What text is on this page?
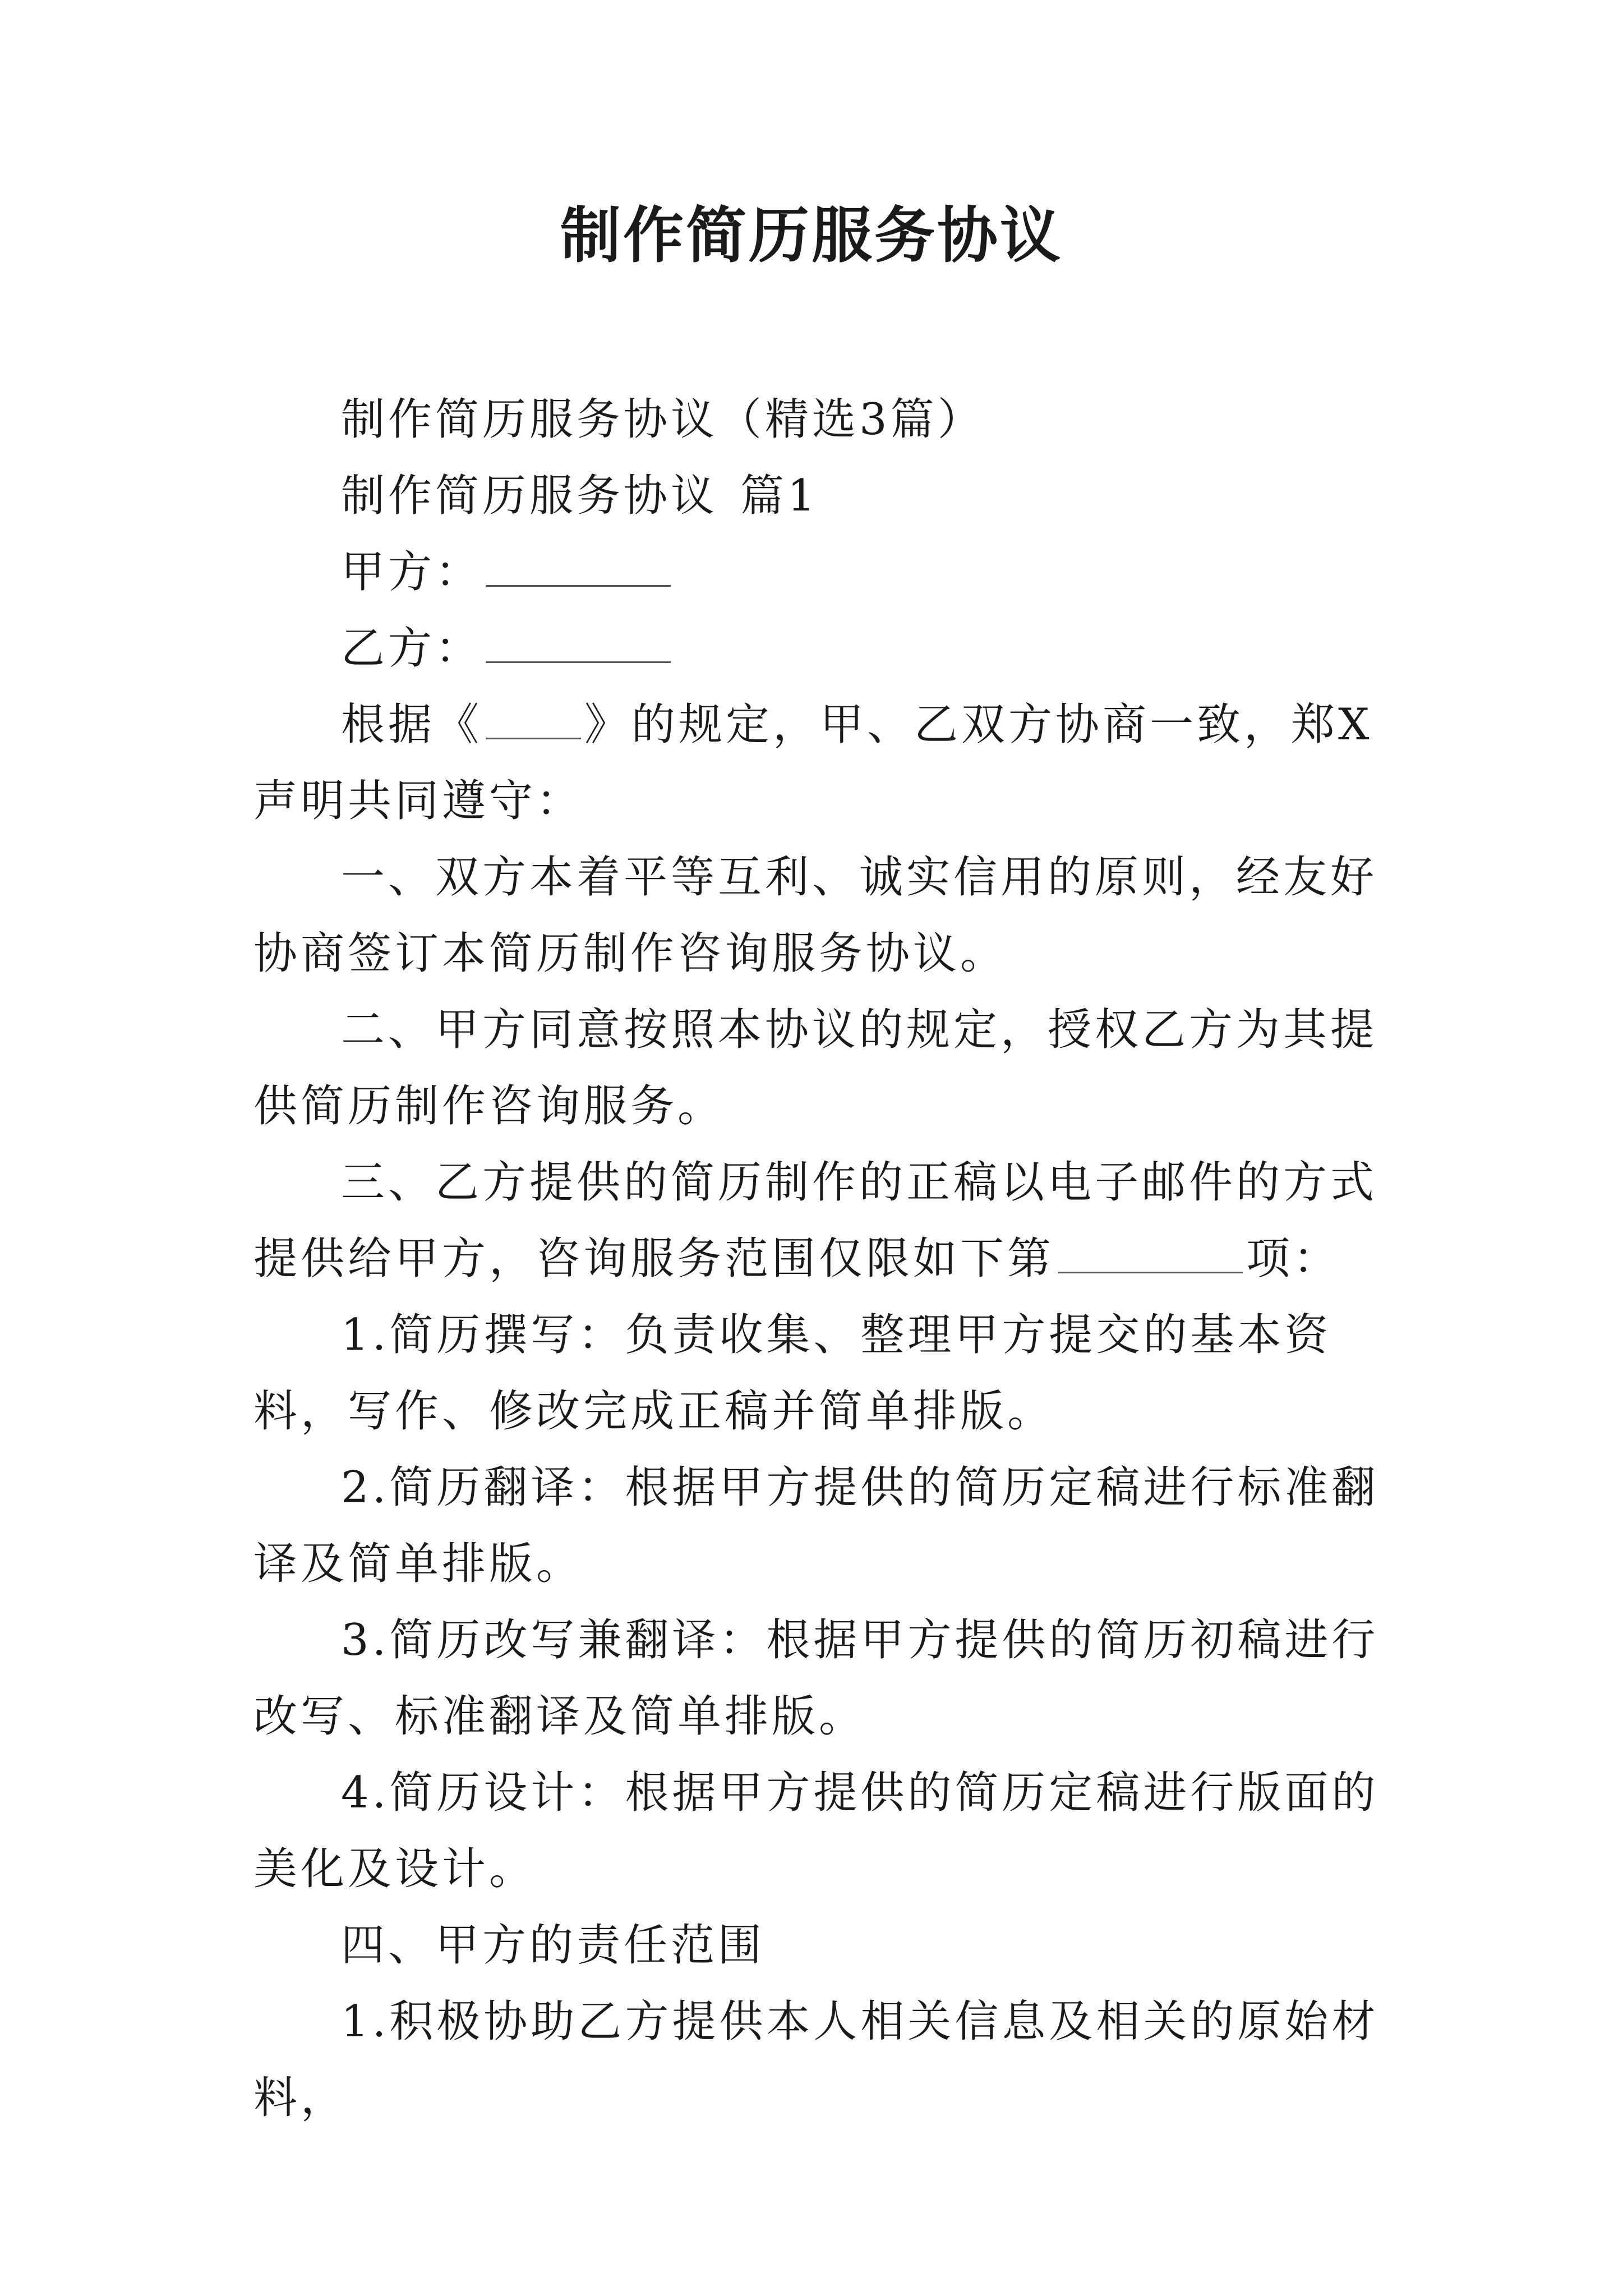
制作简历服务协议

制作简历服务协议（精选3篇）

制作简历服务协议 篇1

甲方：

乙方：

根据《 》的规定，甲、乙双方协商一致，郑X声明共同遵守：

一、双方本着平等互利、诚实信用的原则，经友好协商签订本简历制作咨询服务协议。

二、甲方同意按照本协议的规定，授权乙方为其提供简历制作咨询服务。

三、乙方提供的简历制作的正稿以电子邮件的方式提供给甲方，咨询服务范围仅限如下第	项：

1.简历撰写：负责收集、整理甲方提交的基本资料，写作、修改完成正稿并简单排版。

2.简历翻译：根据甲方提供的简历定稿进行标准翻译及简单排版。

3.简历改写兼翻译：根据甲方提供的简历初稿进行改写、标准翻译及简单排版。

4.简历设计：根据甲方提供的简历定稿进行版面的美化及设计。

四、甲方的责任范围

1.积极协助乙方提供本人相关信息及相关的原始材料，
